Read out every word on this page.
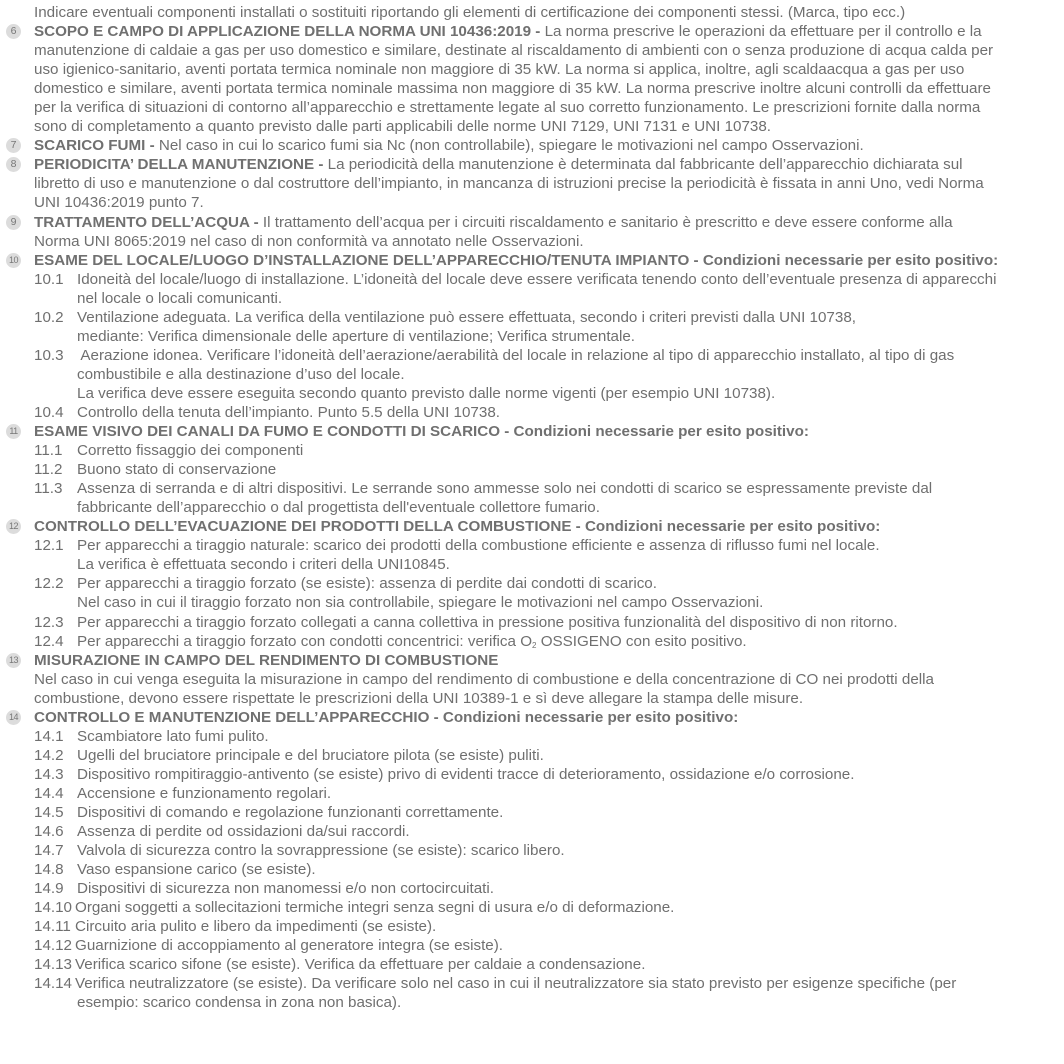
Indicare eventuali componenti installati o sostituiti riportando gli elementi di certificazione dei componenti stessi. (Marca, tipo ecc.)
6	SCOPO E CAMPO DI APPLICAZIONE DELLA NORMA UNI 10436:2019 - La norma prescrive le operazioni da effettuare per il controllo e la
manutenzione di caldaie a gas per uso domestico e similare, destinate al riscaldamento di ambienti con o senza produzione di acqua calda per
uso igienico-sanitario, aventi portata termica nominale non maggiore di 35 kW. La norma si applica, inoltre, agli scaldaacqua a gas per uso
domestico e similare, aventi portata termica nominale massima non maggiore di 35 kW. La norma prescrive inoltre alcuni controlli da effettuare
per la verifica di situazioni di contorno all’apparecchio e strettamente legate al suo corretto funzionamento. Le prescrizioni fornite dalla norma
sono di completamento a quanto previsto dalle parti applicabili delle norme UNI 7129, UNI 7131 e UNI 10738.
7	SCARICO FUMI - Nel caso in cui lo scarico fumi sia Nc (non controllabile), spiegare le motivazioni nel campo Osservazioni.
8	PERIODICITA’ DELLA MANUTENZIONE - La periodicità della manutenzione è determinata dal fabbricante dell’apparecchio dichiarata sul
libretto di uso e manutenzione o dal costruttore dell’impianto, in mancanza di istruzioni precise la periodicità è fissata in anni Uno, vedi Norma
UNI 10436:2019 punto 7.
9	TRATTAMENTO DELL’ACQUA - Il trattamento dell’acqua per i circuiti riscaldamento e sanitario è prescritto e deve essere conforme alla
Norma UNI 8065:2019 nel caso di non conformità va annotato nelle Osservazioni.
10 ESAME DEL LOCALE/LUOGO D’INSTALLAZIONE DELL’APPARECCHIO/TENUTA IMPIANTO - Condizioni necessarie per esito positivo:
10.1 Idoneità del locale/luogo di installazione. L’idoneità del locale deve essere verificata tenendo conto dell’eventuale presenza di apparecchi
nel locale o locali comunicanti.
10.2 Ventilazione adeguata. La verifica della ventilazione può essere effettuata, secondo i criteri previsti dalla UNI 10738,
mediante: Verifica dimensionale delle aperture di ventilazione; Verifica strumentale.
10.3 Aerazione idonea. Verificare l’idoneità dell’aerazione/aerabilità del locale in relazione al tipo di apparecchio installato, al tipo di gas
combustibile e alla destinazione d’uso del locale.
La verifica deve essere eseguita secondo quanto previsto dalle norme vigenti (per esempio UNI 10738).
10.4 Controllo della tenuta dell’impianto. Punto 5.5 della UNI 10738.
11 ESAME VISIVO DEI CANALI DA FUMO E CONDOTTI DI SCARICO - Condizioni necessarie per esito positivo:
11.1 Corretto fissaggio dei componenti
11.2 Buono stato di conservazione
11.3 Assenza di serranda e di altri dispositivi. Le serrande sono ammesse solo nei condotti di scarico se espressamente previste dal
fabbricante dell’apparecchio o dal progettista dell'eventuale collettore fumario.
12 CONTROLLO DELL’EVACUAZIONE DEI PRODOTTI DELLA COMBUSTIONE - Condizioni necessarie per esito positivo:
12.1 Per apparecchi a tiraggio naturale: scarico dei prodotti della combustione efficiente e assenza di riflusso fumi nel locale.
La verifica è effettuata secondo i criteri della UNI10845.
12.2 Per apparecchi a tiraggio forzato (se esiste): assenza di perdite dai condotti di scarico.
Nel caso in cui il tiraggio forzato non sia controllabile, spiegare le motivazioni nel campo Osservazioni.
12.3 Per apparecchi a tiraggio forzato collegati a canna collettiva in pressione positiva funzionalità del dispositivo di non ritorno.
12.4 Per apparecchi a tiraggio forzato con condotti concentrici: verifica $O_2$ OSSIGENO con esito positivo.
13 MISURAZIONE IN CAMPO DEL RENDIMENTO DI COMBUSTIONE
Nel caso in cui venga eseguita la misurazione in campo del rendimento di combustione e della concentrazione di CO nei prodotti della
combustione, devono essere rispettate le prescrizioni della UNI 10389-1 e sì deve allegare la stampa delle misure.
14 CONTROLLO E MANUTENZIONE DELL’APPARECCHIO - Condizioni necessarie per esito positivo:
14.1 Scambiatore lato fumi pulito.
14.2 Ugelli del bruciatore principale e del bruciatore pilota (se esiste) puliti.
14.3 Dispositivo rompitiraggio-antivento (se esiste) privo di evidenti tracce di deterioramento, ossidazione e/o corrosione.
14.4 Accensione e funzionamento regolari.
14.5 Dispositivi di comando e regolazione funzionanti correttamente.
14.6 Assenza di perdite od ossidazioni da/sui raccordi.
14.7 Valvola di sicurezza contro la sovrappressione (se esiste): scarico libero.
14.8 Vaso espansione carico (se esiste).
14.9 Dispositivi di sicurezza non manomessi e/o non cortocircuitati.
14.10 Organi soggetti a sollecitazioni termiche integri senza segni di usura e/o di deformazione.
14.11 Circuito aria pulito e libero da impedimenti (se esiste).
14.12 Guarnizione di accoppiamento al generatore integra (se esiste).
14.13 Verifica scarico sifone (se esiste). Verifica da effettuare per caldaie a condensazione.
14.14 Verifica neutralizzatore (se esiste). Da verificare solo nel caso in cui il neutralizzatore sia stato previsto per esigenze specifiche (per
esempio: scarico condensa in zona non basica).
